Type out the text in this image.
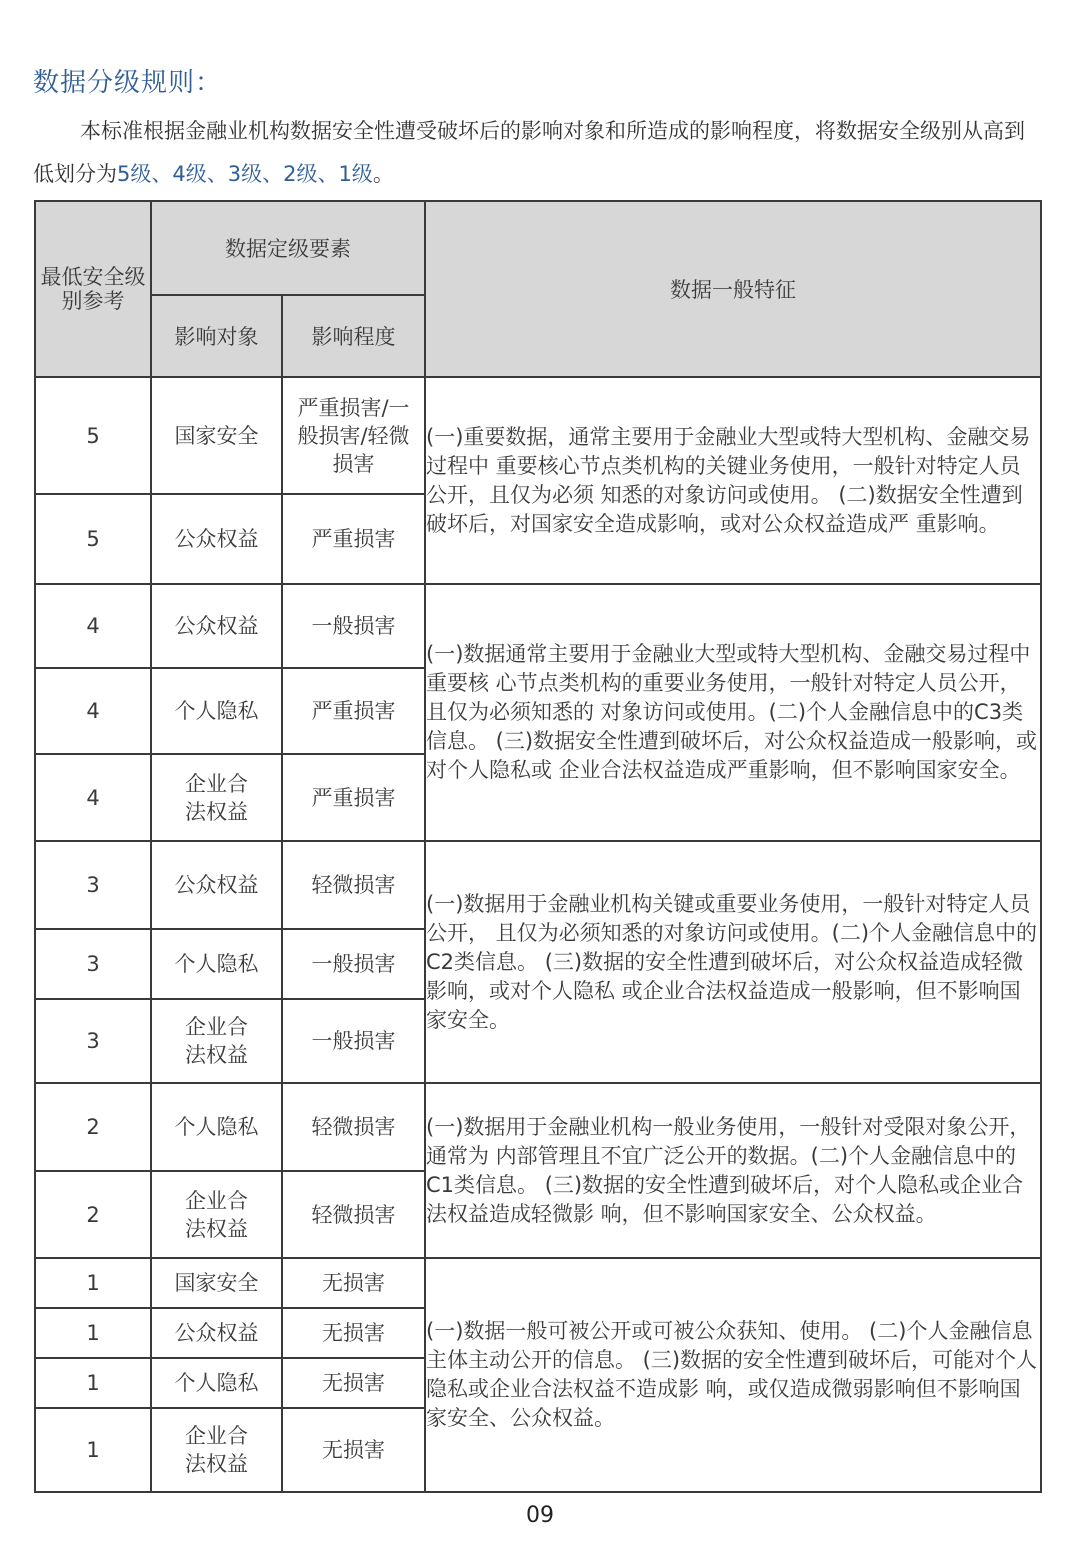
数据分级规则：
本标准根据金融业机构数据安全性遭受破坏后的影响对象和所造成的影响程度，将数据安全级别从高到低划分为5级、4级、3级、2级、1级。
最低安全级别参考	数据定级要素		数据一般特征
	影响对象	影响程度	
5	国家安全	严重损害/一般损害/轻微损害	(一)重要数据，通常主要用于金融业大型或特大型机构、金融交易过程中 重要核心节点类机构的关键业务使用，一般针对特定人员公开，且仅为必须 知悉的对象访问或使用。 (二)数据安全性遭到破坏后，对国家安全造成影响，或对公众权益造成严 重影响。
5	公众权益	严重损害	
4	公众权益	一般损害	(一)数据通常主要用于金融业大型或特大型机构、金融交易过程中重要核 心节点类机构的重要业务使用，一般针对特定人员公开，且仅为必须知悉的 对象访问或使用。(二)个人金融信息中的C3类信息。 (三)数据安全性遭到破坏后，对公众权益造成一般影响，或对个人隐私或 企业合法权益造成严重影响，但不影响国家安全。
4	个人隐私	严重损害	
4	企业合法权益	严重损害	
3	公众权益	轻微损害	(一)数据用于金融业机构关键或重要业务使用，一般针对特定人员公开， 且仅为必须知悉的对象访问或使用。(二)个人金融信息中的C2类信息。 (三)数据的安全性遭到破坏后，对公众权益造成轻微影响，或对个人隐私 或企业合法权益造成一般影响，但不影响国家安全。
3	个人隐私	一般损害	
3	企业合法权益	一般损害	
2	个人隐私	轻微损害	(一)数据用于金融业机构一般业务使用，一般针对受限对象公开，通常为 内部管理且不宜广泛公开的数据。(二)个人金融信息中的C1类信息。 (三)数据的安全性遭到破坏后，对个人隐私或企业合法权益造成轻微影 响，但不影响国家安全、公众权益。
2	企业合法权益	轻微损害	
1	国家安全	无损害	(一)数据一般可被公开或可被公众获知、使用。 (二)个人金融信息主体主动公开的信息。 (三)数据的安全性遭到破坏后，可能对个人隐私或企业合法权益不造成影 响，或仅造成微弱影响但不影响国家安全、公众权益。
1	公众权益	无损害	
1	个人隐私	无损害	
1	企业合法权益	无损害	
09
